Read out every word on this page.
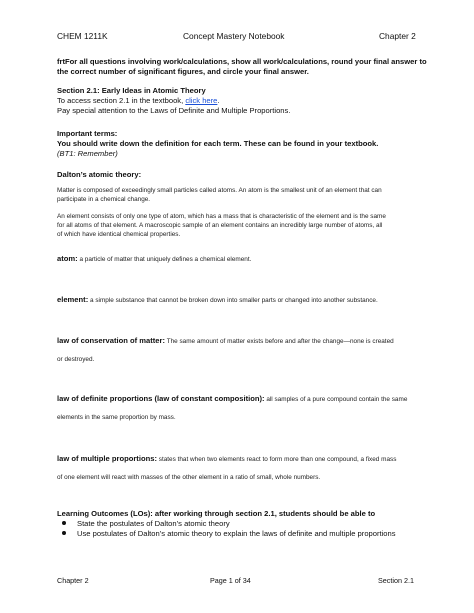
CHEM 1211K	Concept Mastery Notebook	Chapter 2
frtFor all questions involving work/calculations, show all work/calculations, round your final answer to the correct number of significant figures, and circle your final answer.
Section 2.1: Early Ideas in Atomic Theory
To access section 2.1 in the textbook, click here.
Pay special attention to the Laws of Definite and Multiple Proportions.
Important terms:
You should write down the definition for each term. These can be found in your textbook.
(BT1: Remember)
Dalton’s atomic theory:
Matter is composed of exceedingly small particles called atoms. An atom is the smallest unit of an element that can
participate in a chemical change.
An element consists of only one type of atom, which has a mass that is characteristic of the element and is the same
for all atoms of that element. A macroscopic sample of an element contains an incredibly large number of atoms, all
of which have identical chemical properties.
atom: a particle of matter that uniquely defines a chemical element.
element: a simple substance that cannot be broken down into smaller parts or changed into another substance.
law of conservation of matter: The same amount of matter exists before and after the change—none is created
or destroyed.
law of definite proportions (law of constant composition): all samples of a pure compound contain the same
elements in the same proportion by mass.
law of multiple proportions: states that when two elements react to form more than one compound, a fixed mass
of one element will react with masses of the other element in a ratio of small, whole numbers.
Learning Outcomes (LOs): after working through section 2.1, students should be able to
State the postulates of Dalton’s atomic theory
Use postulates of Dalton’s atomic theory to explain the laws of definite and multiple proportions
Chapter 2	Page 1 of 34	Section 2.1
